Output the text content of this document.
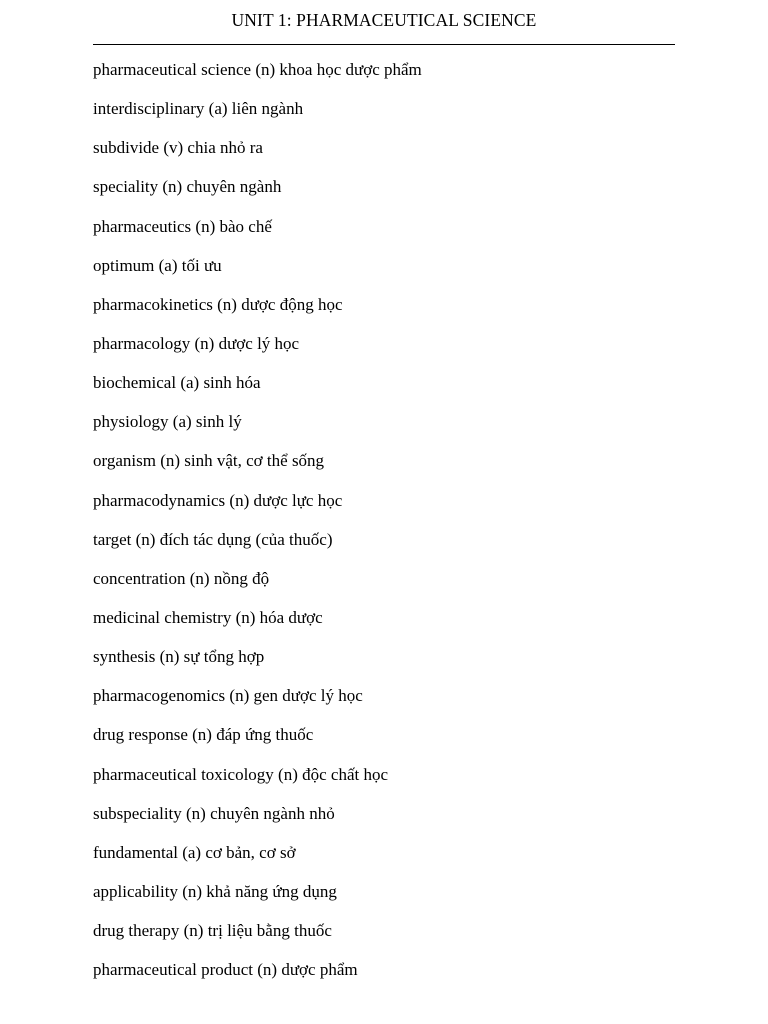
UNIT 1: PHARMACEUTICAL SCIENCE
pharmaceutical science (n) khoa học dược phẩm
interdisciplinary (a) liên ngành
subdivide (v) chia nhỏ ra
speciality (n) chuyên ngành
pharmaceutics (n) bào chế
optimum (a) tối ưu
pharmacokinetics (n) dược động học
pharmacology (n) dược lý học
biochemical (a) sinh hóa
physiology (a) sinh lý
organism (n) sinh vật, cơ thể sống
pharmacodynamics (n) dược lực học
target (n) đích tác dụng (của thuốc)
concentration (n) nồng độ
medicinal chemistry (n) hóa dược
synthesis (n) sự tổng hợp
pharmacogenomics (n) gen dược lý học
drug response (n) đáp ứng thuốc
pharmaceutical toxicology (n) độc chất học
subspeciality (n) chuyên ngành nhỏ
fundamental (a) cơ bản, cơ sở
applicability (n) khả năng ứng dụng
drug therapy (n) trị liệu bằng thuốc
pharmaceutical product (n) dược phẩm
